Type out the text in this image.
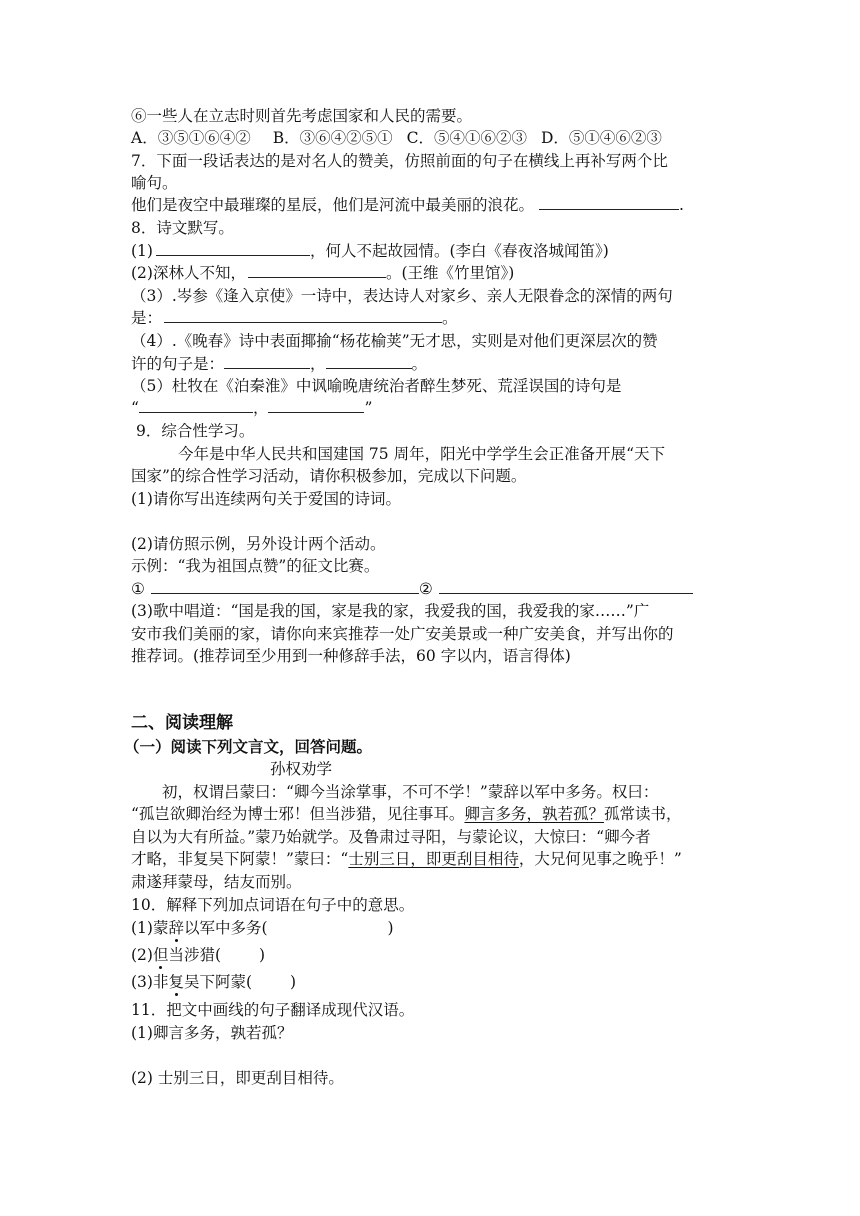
⑥一些人在立志时则首先考虑国家和人民的需要。
A．③⑤①⑥④② B．③⑥④②⑤① C．⑤④①⑥②③ D．⑤①④⑥②③
7．下面一段话表达的是对名人的赞美，仿照前面的句子在横线上再补写两个比
喻句。
他们是夜空中最璀璨的星辰，他们是河流中最美丽的浪花。	.
8．诗文默写。
(1)	，何人不起故园情。(李白《春夜洛城闻笛》)
(2)深林人不知，	。(王维《竹里馆》)
（3）.岑参《逢入京使》一诗中，表达诗人对家乡、亲人无限眷念的深情的两句
是：	。
（4）.《晚春》诗中表面揶揄“杨花榆荚”无才思，实则是对他们更深层次的赞
许的句子是：	，	。
（5）杜牧在《泊秦淮》中讽喻晚唐统治者醉生梦死、荒淫误国的诗句是
“	，	”
9．综合性学习。
今年是中华人民共和国建国 75 周年，阳光中学学生会正准备开展“天下
国家”的综合性学习活动，请你积极参加，完成以下问题。
(1)请你写出连续两句关于爱国的诗词。
(2)请仿照示例，另外设计两个活动。
示例：“我为祖国点赞”的征文比赛。
①	②
(3)歌中唱道：“国是我的国，家是我的家，我爱我的国，我爱我的家……”广
安市我们美丽的家，请你向来宾推荐一处广安美景或一种广安美食，并写出你的
推荐词。(推荐词至少用到一种修辞手法，60 字以内，语言得体)
二、阅读理解
（一）阅读下列文言文，回答问题。
孙权劝学
初，权谓吕蒙曰：“卿今当涂掌事，不可不学！”蒙辞以军中多务。权曰：
“孤岂欲卿治经为博士邪！但当涉猎，见往事耳。卿言多务，孰若孤？孤常读书，
自以为大有所益。”蒙乃始就学。及鲁肃过寻阳，与蒙论议，大惊曰：“卿今者
才略，非复吴下阿蒙！”蒙曰：“士别三日，即更刮目相待，大兄何见事之晚乎！”
肃遂拜蒙母，结友而别。
10．解释下列加点词语在句子中的意思。
(1)蒙辞以军中多务(	)
(2)但当涉猎( )
(3)非复吴下阿蒙( )
11．把文中画线的句子翻译成现代汉语。
(1)卿言多务，孰若孤？
(2) 士别三日，即更刮目相待。
